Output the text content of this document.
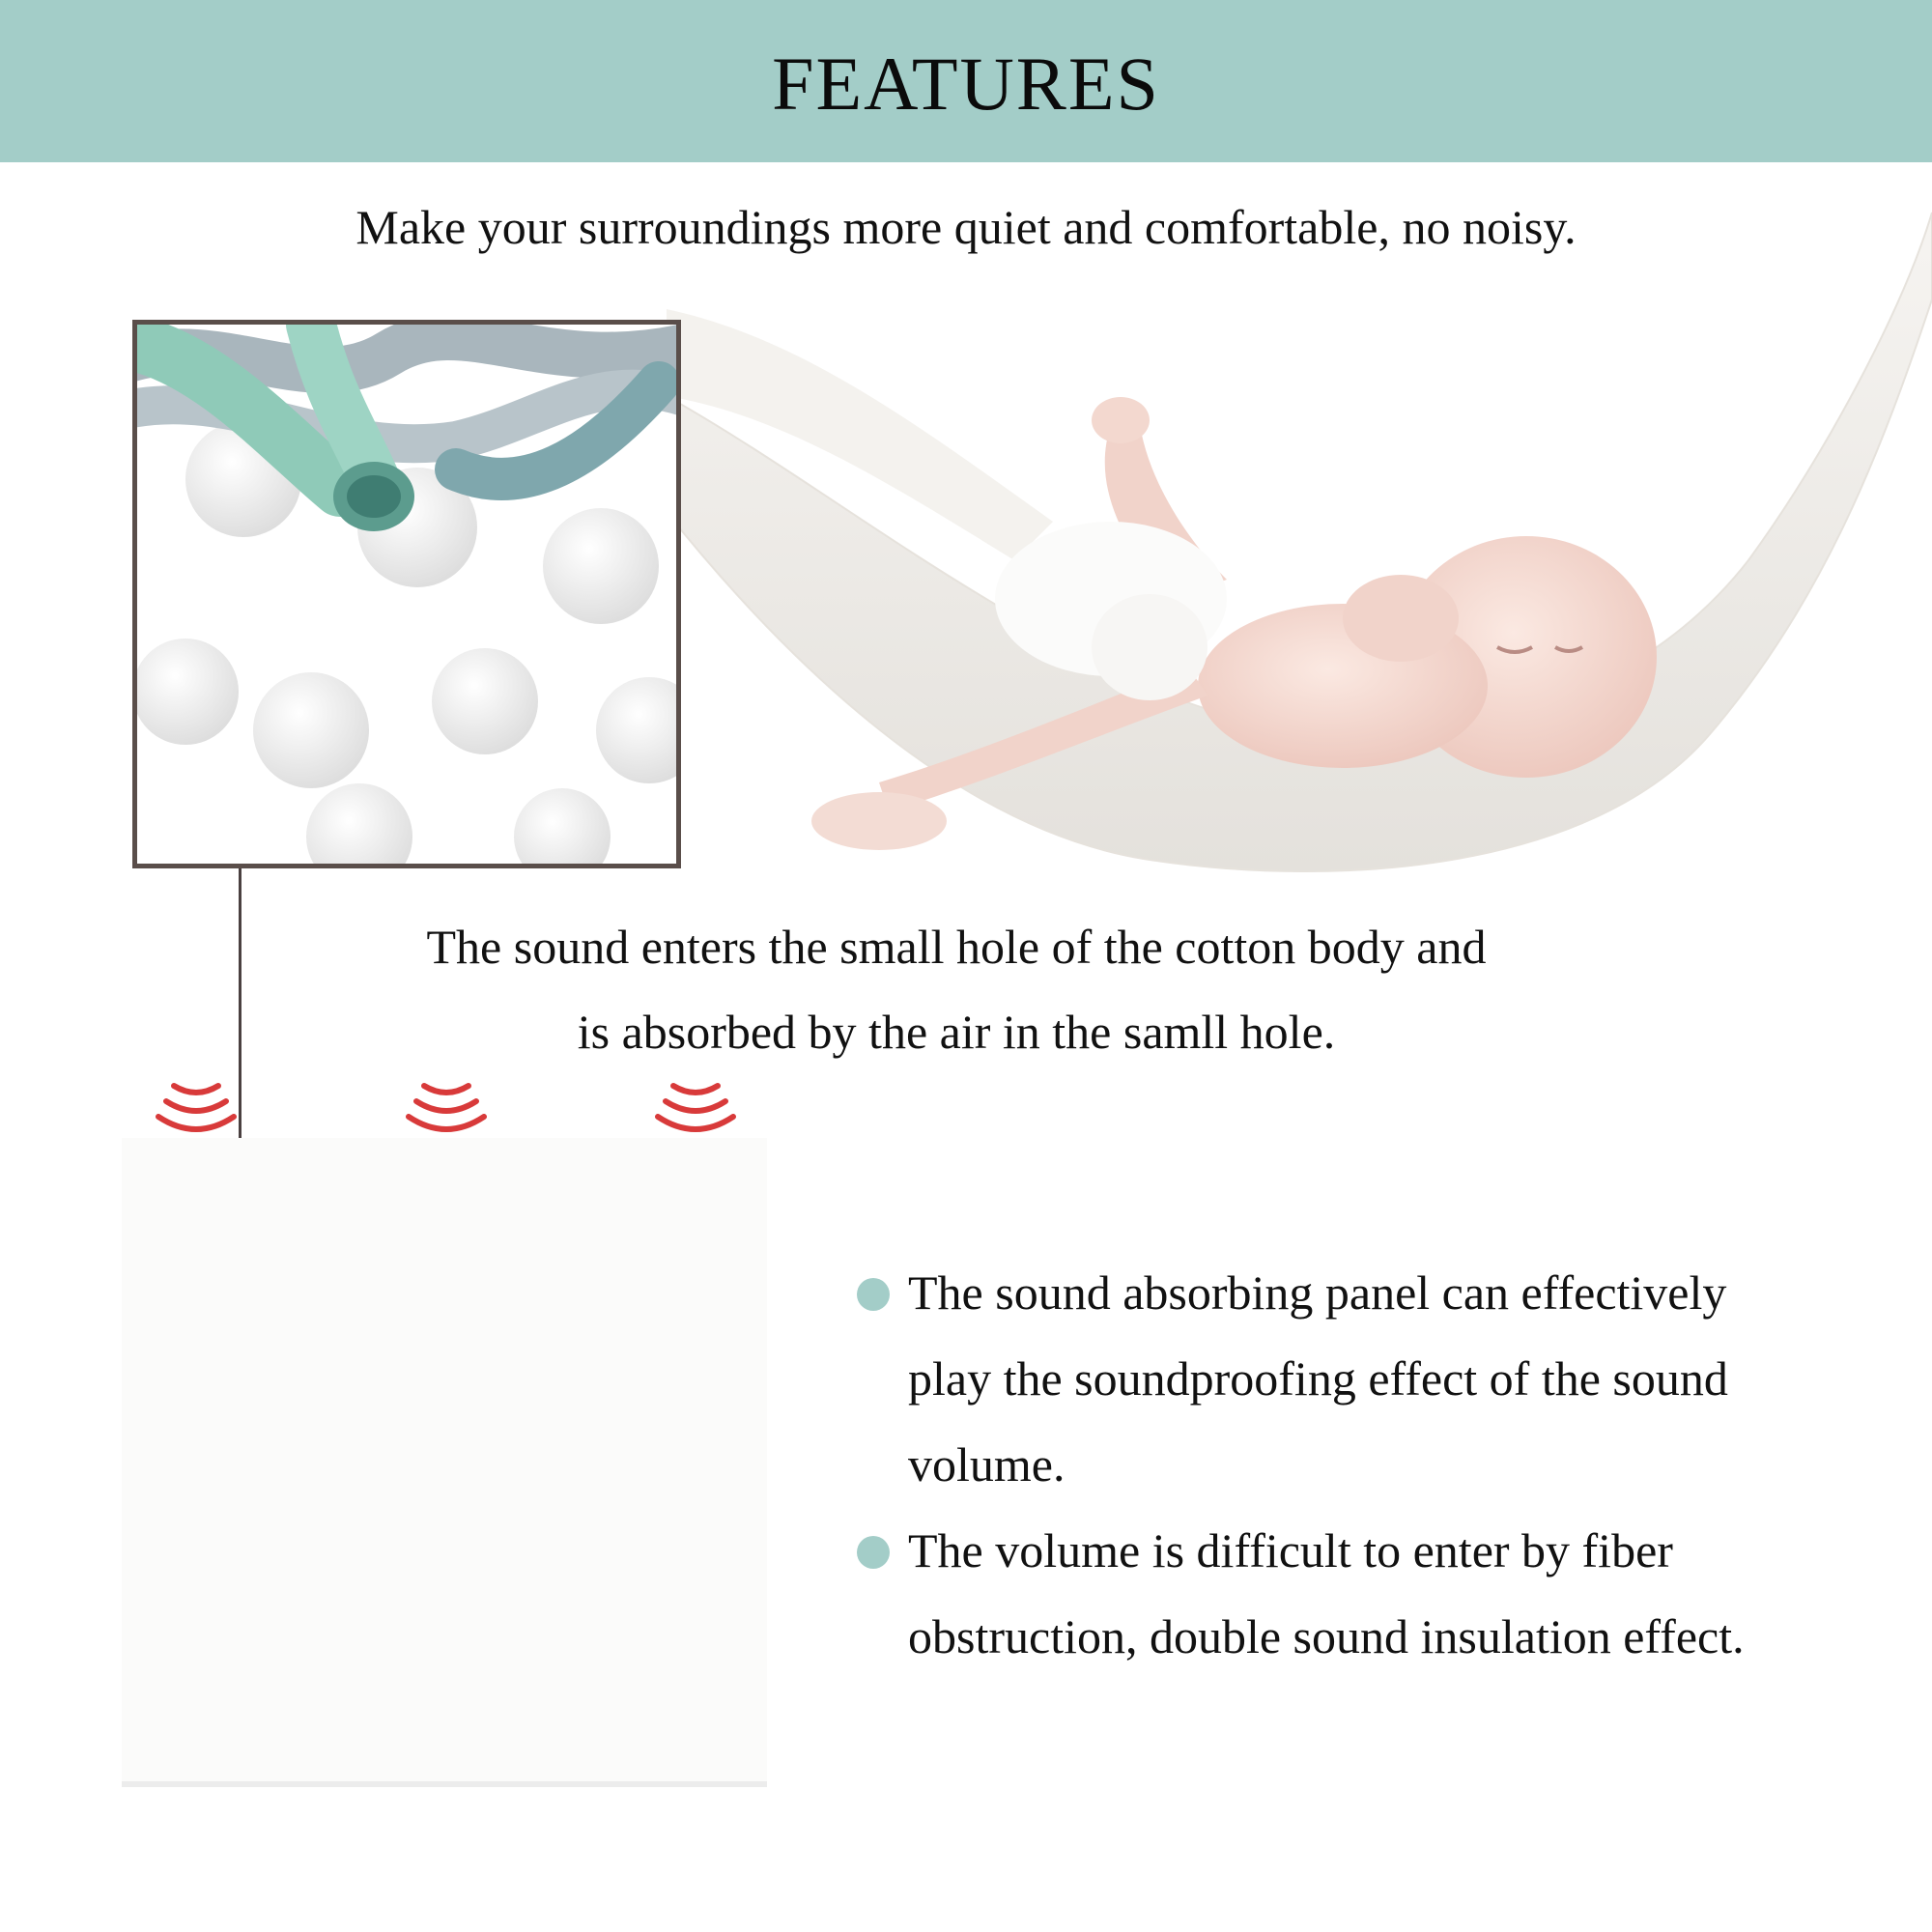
FEATURES
Make your surroundings more quiet and comfortable, no noisy.
The sound enters the small hole of the cotton body and
is absorbed by the air in the samll hole.
The sound absorbing panel can effectively
play the soundproofing effect of the sound
volume.
The volume is difficult to enter by fiber
obstruction, double sound insulation effect.
